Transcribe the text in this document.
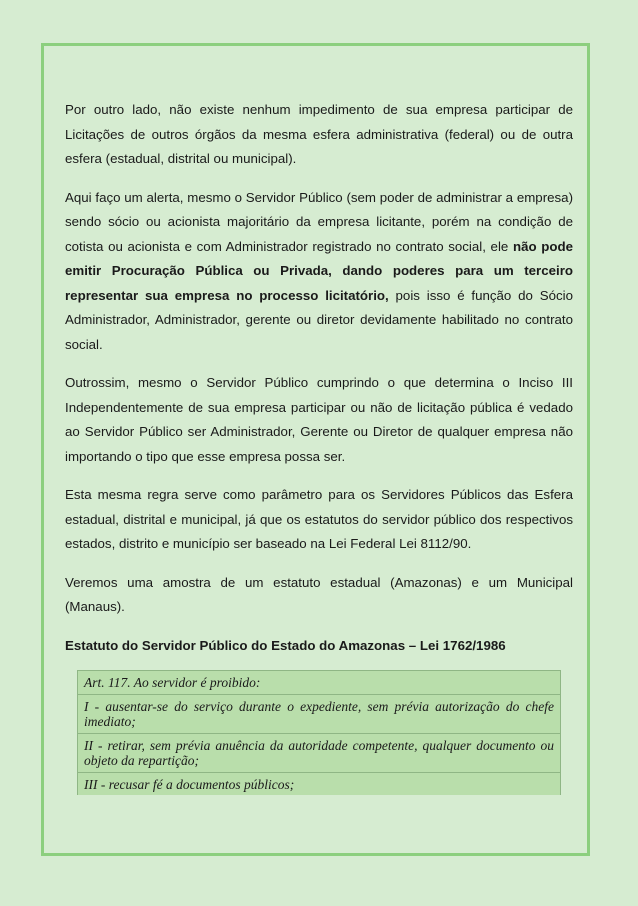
Por outro lado, não existe nenhum impedimento de sua empresa participar de Licitações de outros órgãos da mesma esfera administrativa (federal) ou de outra esfera (estadual, distrital ou municipal).

Aqui faço um alerta, mesmo o Servidor Público (sem poder de administrar a empresa) sendo sócio ou acionista majoritário da empresa licitante, porém na condição de cotista ou acionista e com Administrador registrado no contrato social, ele não pode emitir Procuração Pública ou Privada, dando poderes para um terceiro representar sua empresa no processo licitatório, pois isso é função do Sócio Administrador, Administrador, gerente ou diretor devidamente habilitado no contrato social.

Outrossim, mesmo o Servidor Público cumprindo o que determina o Inciso III Independentemente de sua empresa participar ou não de licitação pública é vedado ao Servidor Público ser Administrador, Gerente ou Diretor de qualquer empresa não importando o tipo que esse empresa possa ser.

Esta mesma regra serve como parâmetro para os Servidores Públicos das Esfera estadual, distrital e municipal, já que os estatutos do servidor público dos respectivos estados, distrito e município ser baseado na Lei Federal Lei 8112/90.

Veremos uma amostra de um estatuto estadual (Amazonas) e um Municipal (Manaus).

Estatuto do Servidor Público do Estado do Amazonas – Lei 1762/1986
Art. 117. Ao servidor é proibido:
I - ausentar-se do serviço durante o expediente, sem prévia autorização do chefe imediato;
II - retirar, sem prévia anuência da autoridade competente, qualquer documento ou objeto da repartição;
III - recusar fé a documentos públicos;
